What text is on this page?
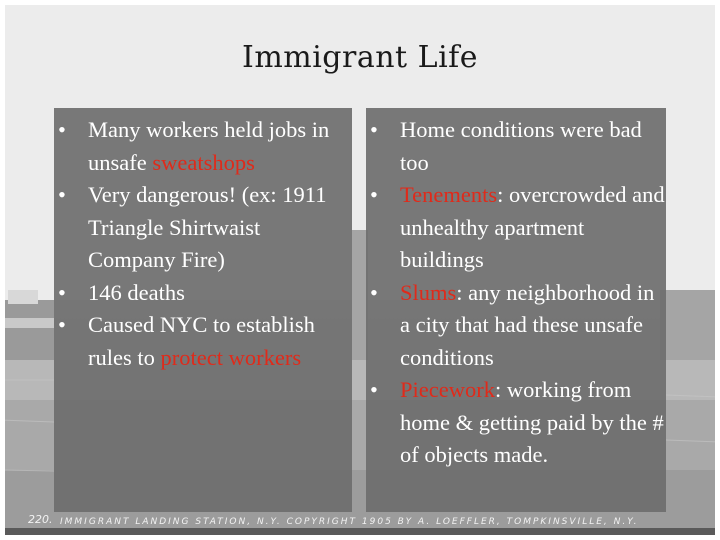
Immigrant Life
• Many workers held jobs in unsafe sweatshops
• Very dangerous! (ex: 1911 Triangle Shirtwaist Company Fire)
• 146 deaths
• Caused NYC to establish rules to protect workers
• Home conditions were bad too
• Tenements: overcrowded and unhealthy apartment buildings
• Slums: any neighborhood in a city that had these unsafe conditions
• Piecework: working from home & getting paid by the # of objects made.
220. IMMIGRANT LANDING STATION, N.Y. COPYRIGHT 1905 BY A. LOEFFLER, TOMPKINSVILLE, N.Y.
